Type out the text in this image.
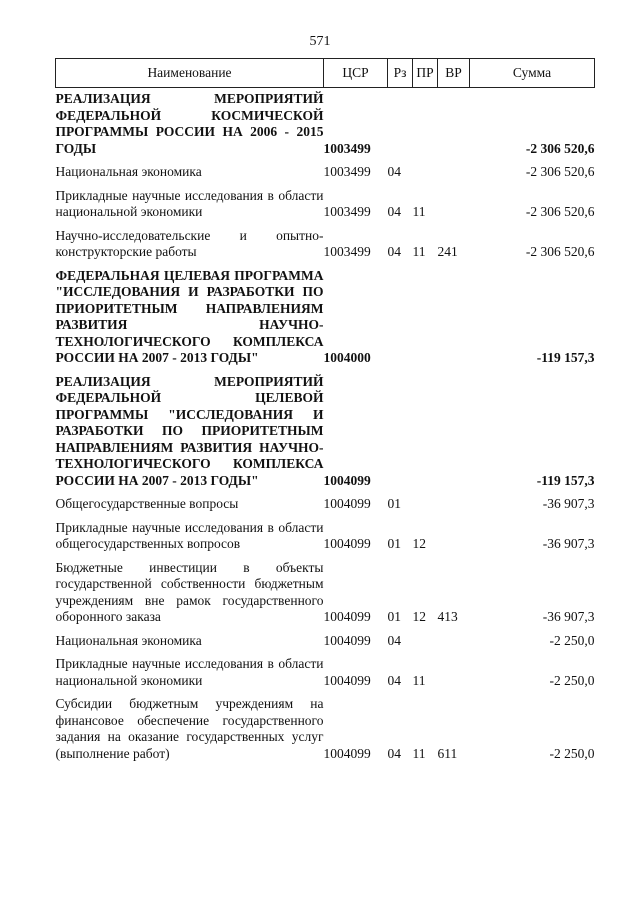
571
Наименование	ЦСР	Рз	ПР	ВР	Сумма
РЕАЛИЗАЦИЯ МЕРОПРИЯТИЙ ФЕДЕРАЛЬНОЙ КОСМИЧЕСКОЙ ПРОГРАММЫ РОССИИ НА 2006 - 2015 ГОДЫ	1003499				-2 306 520,6
Национальная экономика	1003499	04			-2 306 520,6
Прикладные научные исследования в области национальной экономики	1003499	04	11		-2 306 520,6
Научно-исследовательские и опытно-конструкторские работы	1003499	04	11	241	-2 306 520,6
ФЕДЕРАЛЬНАЯ ЦЕЛЕВАЯ ПРОГРАММА "ИССЛЕДОВАНИЯ И РАЗРАБОТКИ ПО ПРИОРИТЕТНЫМ НАПРАВЛЕНИЯМ РАЗВИТИЯ НАУЧНО-ТЕХНОЛОГИЧЕСКОГО КОМПЛЕКСА РОССИИ НА 2007 - 2013 ГОДЫ"	1004000				-119 157,3
РЕАЛИЗАЦИЯ МЕРОПРИЯТИЙ ФЕДЕРАЛЬНОЙ ЦЕЛЕВОЙ ПРОГРАММЫ "ИССЛЕДОВАНИЯ И РАЗРАБОТКИ ПО ПРИОРИТЕТНЫМ НАПРАВЛЕНИЯМ РАЗВИТИЯ НАУЧНО-ТЕХНОЛОГИЧЕСКОГО КОМПЛЕКСА РОССИИ НА 2007 - 2013 ГОДЫ"	1004099				-119 157,3
Общегосударственные вопросы	1004099	01			-36 907,3
Прикладные научные исследования в области общегосударственных вопросов	1004099	01	12		-36 907,3
Бюджетные инвестиции в объекты государственной собственности бюджетным учреждениям вне рамок государственного оборонного заказа	1004099	01	12	413	-36 907,3
Национальная экономика	1004099	04			-2 250,0
Прикладные научные исследования в области национальной экономики	1004099	04	11		-2 250,0
Субсидии бюджетным учреждениям на финансовое обеспечение государственного задания на оказание государственных услуг (выполнение работ)	1004099	04	11	611	-2 250,0
